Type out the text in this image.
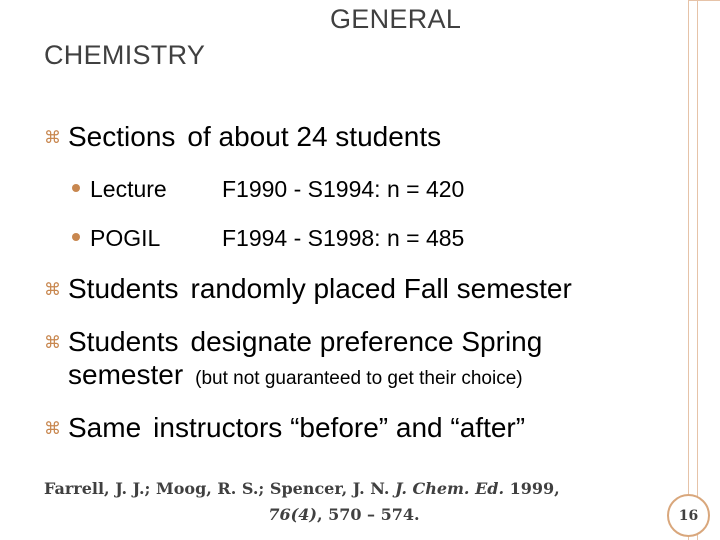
GENERAL
CHEMISTRY
⌘ Sections of about 24 students
Lecture F1990 - S1994: n = 420
POGIL	F1994 - S1998: n = 485
⌘ Students randomly placed Fall semester
⌘ Students designate preference Spring
semester (but not guaranteed to get their choice)
⌘ Same instructors “before” and “after”
Farrell, J. J.; Moog, R. S.; Spencer, J. N. J. Chem. Ed. 1999,
76(4), 570 – 574.	16
